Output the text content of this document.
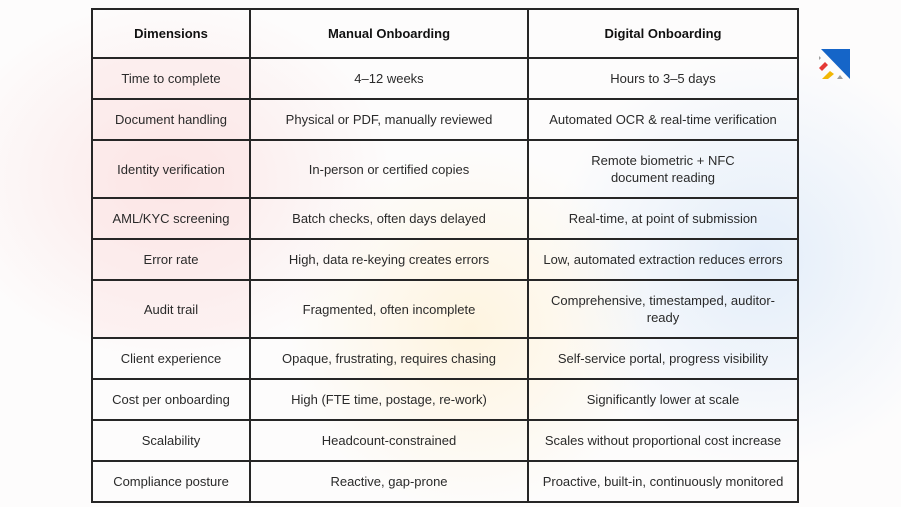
Dimensions	Manual Onboarding	Digital Onboarding
Time to complete	4–12 weeks	Hours to 3–5 days
Document handling	Physical or PDF, manually reviewed	Automated OCR & real-time verification
Identity verification	In-person or certified copies	Remote biometric + NFC document reading
AML/KYC screening	Batch checks, often days delayed	Real-time, at point of submission
Error rate	High, data re-keying creates errors	Low, automated extraction reduces errors
Audit trail	Fragmented, often incomplete	Comprehensive, timestamped, auditor-ready
Client experience	Opaque, frustrating, requires chasing	Self-service portal, progress visibility
Cost per onboarding	High (FTE time, postage, re-work)	Significantly lower at scale
Scalability	Headcount-constrained	Scales without proportional cost increase
Compliance posture	Reactive, gap-prone	Proactive, built-in, continuously monitored
